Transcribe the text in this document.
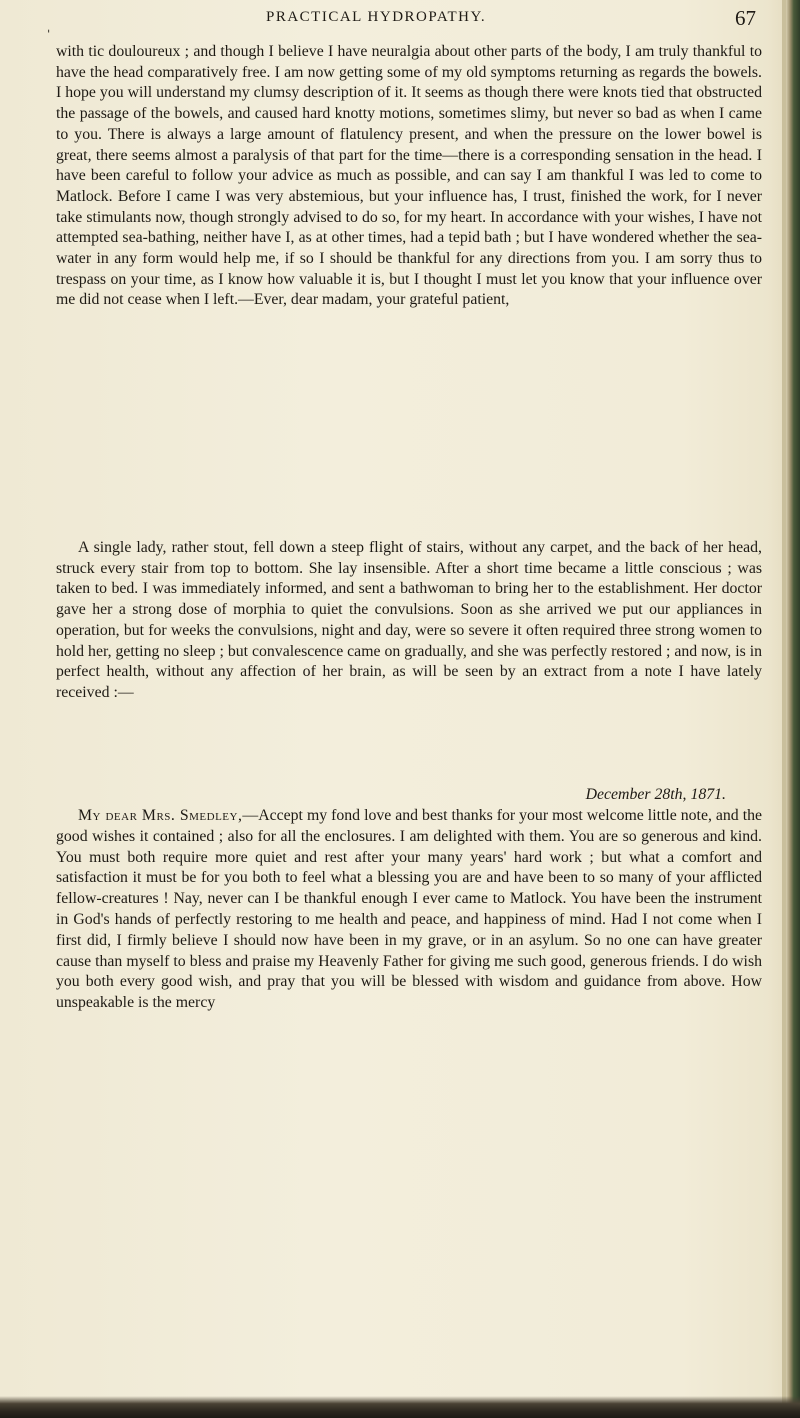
ˌ
PRACTICAL HYDROPATHY.	67

with tic douloureux ; and though I believe I have neuralgia about other parts of the body, I am truly thankful to have the head comparatively free. I am now getting some of my old symptoms returning as regards the bowels. I hope you will understand my clumsy description of it. It seems as though there were knots tied that obstructed the passage of the bowels, and caused hard knotty motions, sometimes slimy, but never so bad as when I came to you. There is always a large amount of flatulency present, and when the pressure on the lower bowel is great, there seems almost a paralysis of that part for the time—there is a corresponding sensation in the head. I have been careful to follow your advice as much as possible, and can say I am thankful I was led to come to Matlock. Before I came I was very abstemious, but your influence has, I trust, finished the work, for I never take stimulants now, though strongly advised to do so, for my heart. In accordance with your wishes, I have not attempted sea-bathing, neither have I, as at other times, had a tepid bath ; but I have wondered whether the sea-water in any form would help me, if so I should be thankful for any directions from you. I am sorry thus to trespass on your time, as I know how valuable it is, but I thought I must let you know that your influence over me did not cease when I left.—Ever, dear madam, your grateful patient,

A single lady, rather stout, fell down a steep flight of stairs, without any carpet, and the back of her head, struck every stair from top to bottom. She lay insensible. After a short time became a little conscious ; was taken to bed. I was immediately informed, and sent a bathwoman to bring her to the establishment. Her doctor gave her a strong dose of morphia to quiet the convulsions. Soon as she arrived we put our appliances in operation, but for weeks the convulsions, night and day, were so severe it often required three strong women to hold her, getting no sleep ; but convalescence came on gradually, and she was perfectly restored ; and now, is in perfect health, without any affection of her brain, as will be seen by an extract from a note I have lately received :—

December 28th, 1871.
My dear Mrs. Smedley,—Accept my fond love and best thanks for your most welcome little note, and the good wishes it contained ; also for all the enclosures. I am delighted with them. You are so generous and kind. You must both require more quiet and rest after your many years' hard work ; but what a comfort and satisfaction it must be for you both to feel what a blessing you are and have been to so many of your afflicted fellow-creatures ! Nay, never can I be thankful enough I ever came to Matlock. You have been the instrument in God's hands of perfectly restoring to me health and peace, and happiness of mind. Had I not come when I first did, I firmly believe I should now have been in my grave, or in an asylum. So no one can have greater cause than myself to bless and praise my Heavenly Father for giving me such good, generous friends. I do wish you both every good wish, and pray that you will be blessed with wisdom and guidance from above. How unspeakable is the mercy
